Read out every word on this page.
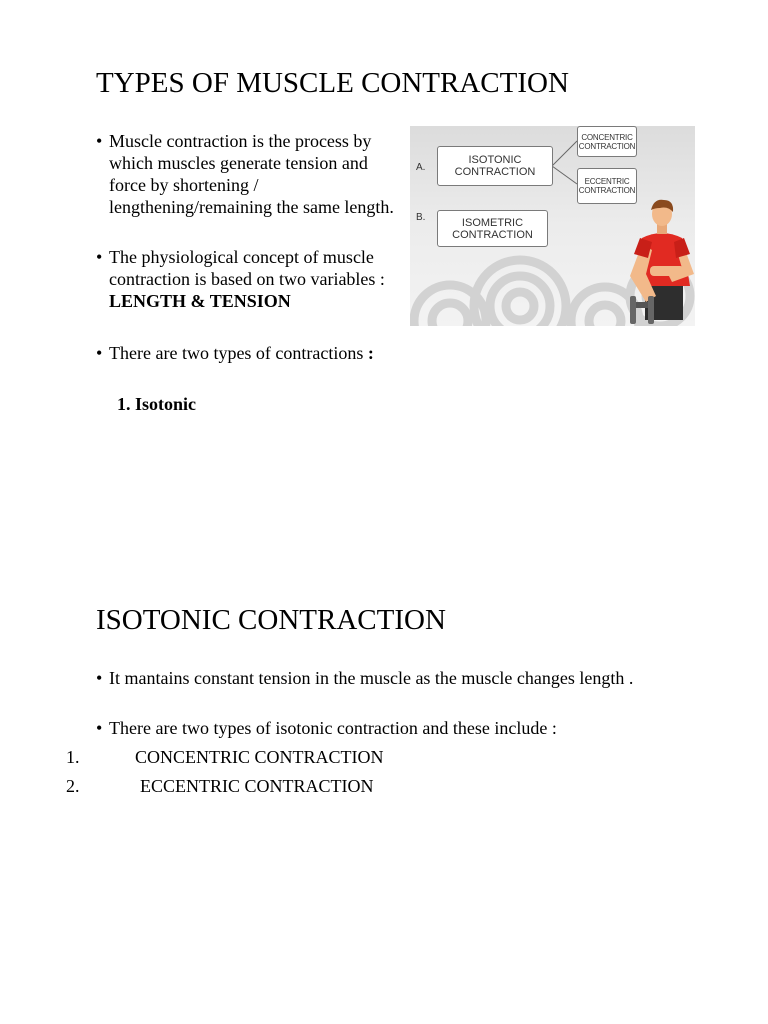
TYPES OF MUSCLE CONTRACTION
• Muscle contraction is the process by which muscles generate tension and force by shortening / lengthening/remaining the same length.
• The physiological concept of muscle contraction is based on two variables : LENGTH & TENSION
• There are two types of contractions :
1. Isotonic
A.
B.
ISOTONIC
CONTRACTION
ISOMETRIC
CONTRACTION
CONCENTRIC
CONTRACTION
ECCENTRIC
CONTRACTION
ISOTONIC CONTRACTION
• It mantains constant tension in the muscle as the muscle changes length .
• There are two types of isotonic contraction and these include :
1.	CONCENTRIC CONTRACTION
2.	ECCENTRIC CONTRACTION
